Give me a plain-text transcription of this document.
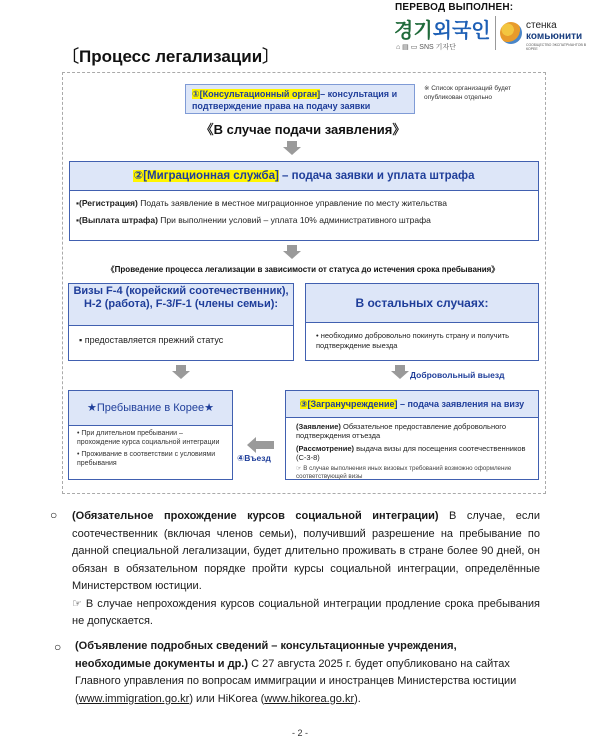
ПЕРЕВОД ВЫПОЛНЕН:
경기외국인
⌂ ▤ ▭ SNS 기자단
стенка
комьюнити
СООБЩЕСТВО ЭКСПАТРИАНТОВ В КОРЕЕ
〔Процесс легализации〕
①[Консультационный орган]– консультация и подтверждение права на подачу заявки
※ Список организаций будет опубликован отдельно
《В случае подачи заявления》
②[Миграционная служба] – подача заявки и уплата штрафа
▪(Регистрация) Подать заявление в местное миграционное управление по месту жительства
▪(Выплата штрафа) При выполнении условий – уплата 10% административного штрафа
《Проведение процесса легализации в зависимости от статуса до истечения срока пребывания》
Визы F-4 (корейский соотечественник), H-2 (работа), F-3/F-1 (члены семьи):
▪ предоставляется прежний статус
В остальных случаях:
• необходимо добровольно покинуть страну и получить подтверждение выезда
Добровольный выезд
★Пребывание в Корее★
• При длительном пребывании – прохождение курса социальной интеграции
• Проживание в соответствии с условиями пребывания	④Въезд
③[Загранучреждение] – подача заявления на визу
(Заявление) Обязательное предоставление добровольного подтверждения отъезда
(Рассмотрение) выдача визы для посещения соотечественников (C-3-8)
☞ В случае выполнения иных визовых требований возможно оформление соответствующей визы
○ (Обязательное прохождение курсов социальной интеграции) В случае, если соотечественник (включая членов семьи), получивший разрешение на пребывание по данной специальной легализации, будет длительно проживать в стране более 90 дней, он обязан в обязательном порядке пройти курсы социальной интеграции, определённые Министерством юстиции.
☞ В случае непрохождения курсов социальной интеграции продление срока пребывания не допускается.
○ (Объявление подробных сведений – консультационные учреждения, необходимые документы и др.) С 27 августа 2025 г. будет опубликовано на сайтах Главного управления по вопросам иммиграции и иностранцев Министерства юстиции (www.immigration.go.kr) или HiKorea (www.hikorea.go.kr).
- 2 -
